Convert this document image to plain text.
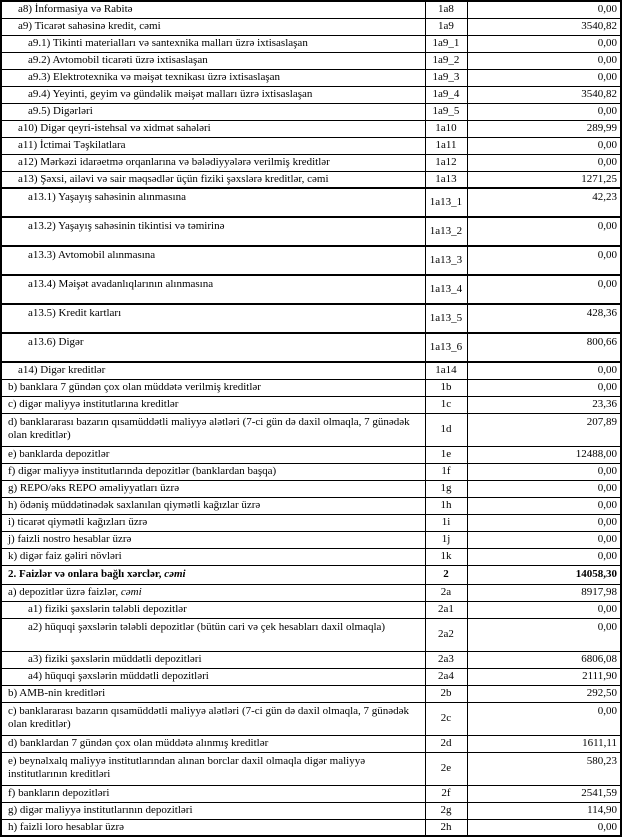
a8) İnformasiya və Rabitə	1a8	0,00
a9) Ticarət sahəsinə kredit, cəmi	1a9	3540,82
a9.1) Tikinti materialları və santexnika malları üzrə ixtisaslaşan	1a9_1	0,00
a9.2) Avtomobil ticarəti üzrə ixtisaslaşan	1a9_2	0,00
a9.3) Elektrotexnika və məişət texnikası üzrə ixtisaslaşan	1a9_3	0,00
a9.4) Yeyinti, geyim və gündəlik məişət malları üzrə ixtisaslaşan	1a9_4	3540,82
a9.5) Digərləri	1a9_5	0,00
a10) Digər qeyri-istehsal və xidmət sahələri	1a10	289,99
a11) İctimai Təşkilatlara	1a11	0,00
a12) Mərkəzi idarəetmə orqanlarına və bələdiyyələrə verilmiş kreditlər	1a12	0,00
a13) Şəxsi, ailəvi və sair məqsədlər üçün fiziki şəxslərə kreditlər, cəmi	1a13	1271,25
a13.1) Yaşayış sahəsinin alınmasına	1a13_1	42,23
a13.2) Yaşayış sahəsinin tikintisi və təmirinə	1a13_2	0,00
a13.3) Avtomobil alınmasına	1a13_3	0,00
a13.4) Məişət avadanlıqlarının alınmasına	1a13_4	0,00
a13.5) Kredit kartları	1a13_5	428,36
a13.6) Digər	1a13_6	800,66
a14) Digər kreditlər	1a14	0,00
b) banklara 7 gündən çox olan müddətə verilmiş kreditlər	1b	0,00
c) digər maliyyə institutlarına kreditlər	1c	23,36
d) banklararası bazarın qısamüddətli maliyyə alətləri (7-ci gün də daxil olmaqla, 7 günədək olan kreditlər)	1d	207,89
e) banklarda depozitlər	1e	12488,00
f) digər maliyyə institutlarında depozitlər (banklardan başqa)	1f	0,00
g) REPO/əks REPO əməliyyatları üzrə	1g	0,00
h) ödəniş müddətinədək saxlanılan qiymətli kağızlar üzrə	1h	0,00
i) ticarət qiymətli kağızları üzrə	1i	0,00
j) faizli nostro hesablar üzrə	1j	0,00
k) digər faiz gəliri növləri	1k	0,00
2. Faizlər və onlara bağlı xərclər, cəmi	2	14058,30
a) depozitlər üzrə faizlər, cəmi	2a	8917,98
a1) fiziki şəxslərin tələbli depozitlər	2a1	0,00
a2) hüquqi şəxslərin tələbli depozitlər (bütün cari və çek hesabları daxil olmaqla)	2a2	0,00
a3) fiziki şəxslərin müddətli depozitləri	2a3	6806,08
a4) hüquqi şəxslərin müddətli depozitləri	2a4	2111,90
b) AMB-nin kreditləri	2b	292,50
c) banklararası bazarın qısamüddətli maliyyə alətləri (7-ci gün də daxil olmaqla, 7 günədək olan kreditlər)	2c	0,00
d) banklardan 7 gündən çox olan müddətə alınmış kreditlər	2d	1611,11
e) beynəlxalq maliyyə institutlarından alınan borclar daxil olmaqla digər maliyyə institutlarının kreditləri	2e	580,23
f) bankların depozitləri	2f	2541,59
g) digər maliyyə institutlarının depozitləri	2g	114,90
h) faizli loro hesablar üzrə	2h	0,00
